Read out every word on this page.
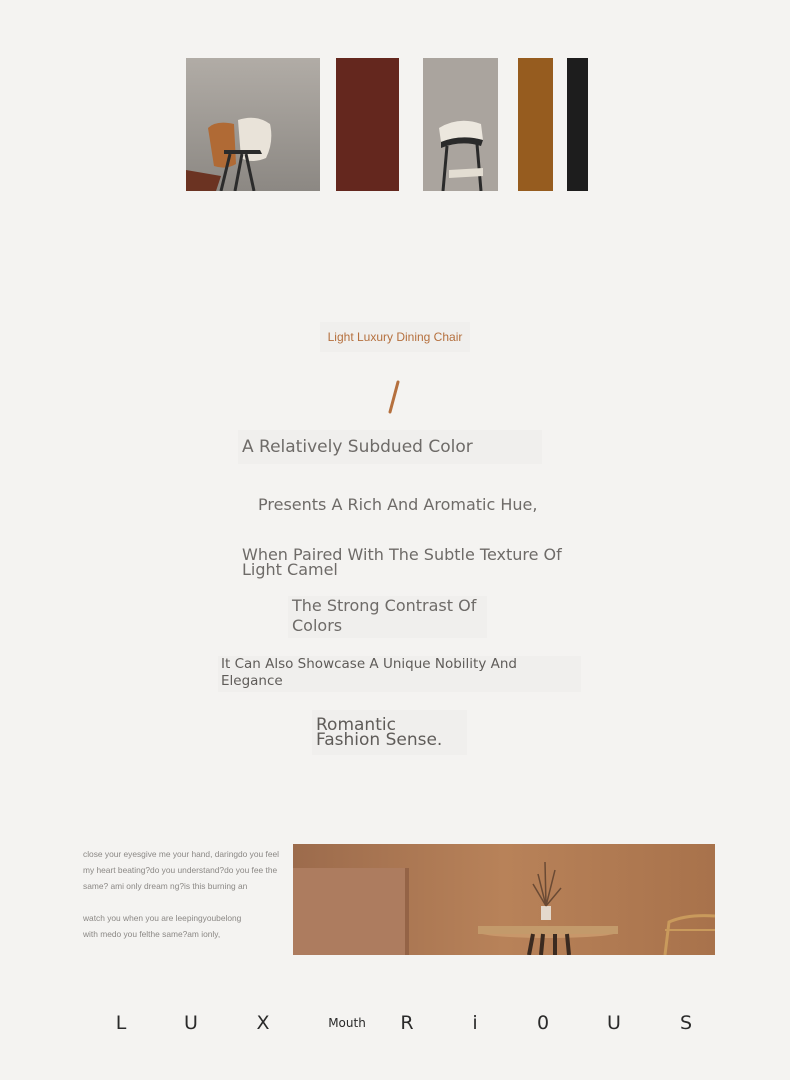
Light Luxury Dining Chair
A Relatively Subdued Color
Presents A Rich And Aromatic Hue,
When Paired With The Subtle Texture Of
Light Camel
The Strong Contrast Of
Colors
It Can Also Showcase A Unique Nobility And
Elegance
Romantic
Fashion Sense.

close your eyesgive me your hand, daringdo you feel

my heart beating?do you understand?do you fee the

same? ami only dream ng?is this burning an

watch you when you are leepingyoubelong

with medo you felthe same?am ionly,

L	U	X	Mouth	R	i	0	U	S
